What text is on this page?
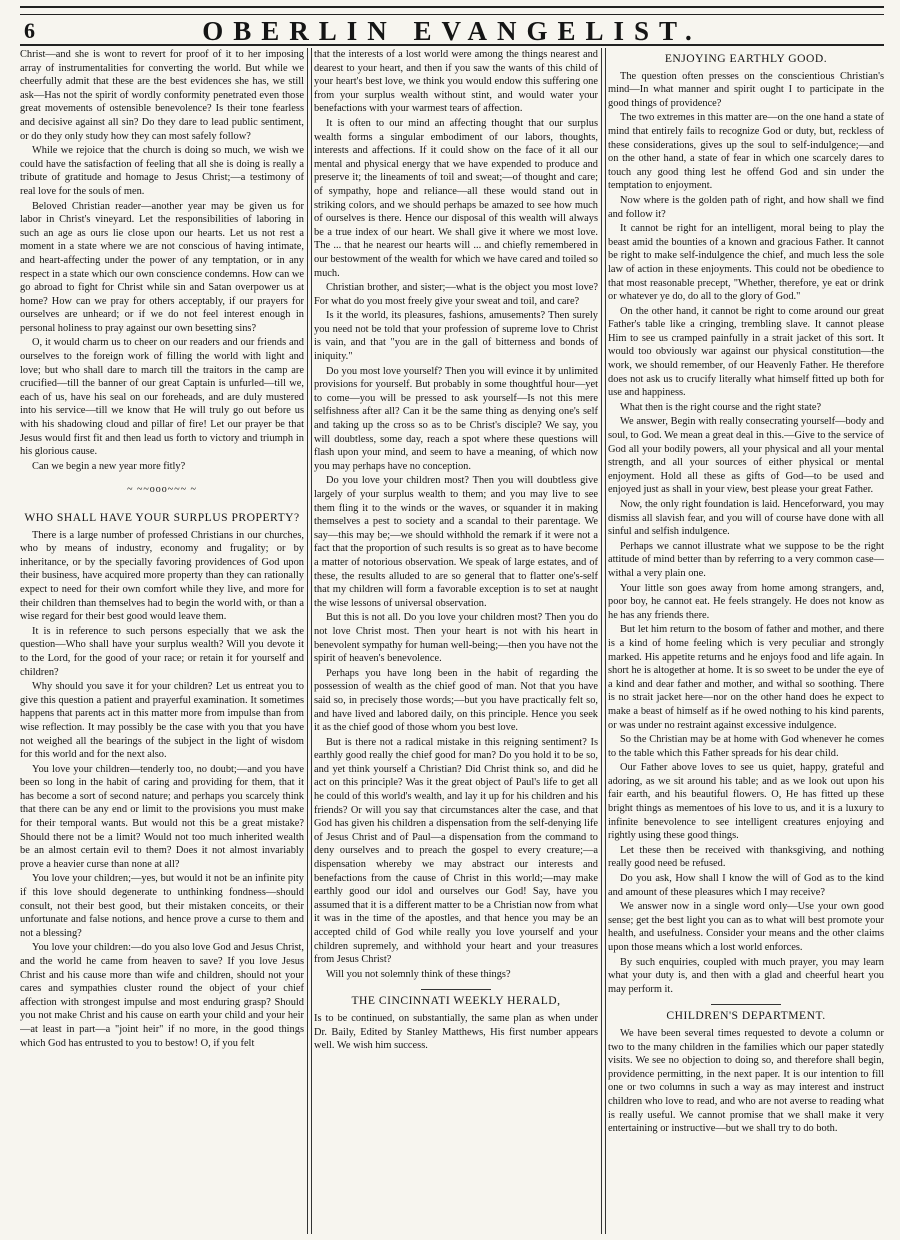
6	OBERLIN EVANGELIST.

Christ—and she is wont to revert for proof of it to her imposing array of instrumentalities for converting the world. But while we cheerfully admit that these are the best evidences she has, we still ask—Has not the spirit of wordly conformity penetrated even those great movements of ostensible benevolence? Is their tone fearless and decisive against all sin? Do they dare to lead public sentiment, or do they only study how they can most safely follow?

While we rejoice that the church is doing so much, we wish we could have the satisfaction of feeling that all she is doing is really a tribute of gratitude and homage to Jesus Christ;—a testimony of real love for the souls of men.

Beloved Christian reader—another year may be given us for labor in Christ's vineyard. Let the responsibilities of laboring in such an age as ours lie close upon our hearts. Let us not rest a moment in a state where we are not conscious of having intimate, and heart-affecting under the power of any temptation, or in any respect in a state which our own conscience condemns. How can we go abroad to fight for Christ while sin and Satan overpower us at home? How can we pray for others acceptably, if our prayers for ourselves are unheard; or if we do not feel interest enough in personal holiness to pray against our own besetting sins?

O, it would charm us to cheer on our readers and our friends and ourselves to the foreign work of filling the world with light and love; but who shall dare to march till the traitors in the camp are crucified—till the banner of our great Captain is unfurled—till we, each of us, have his seal on our foreheads, and are duly mustered into his service—till we know that He will truly go out before us with his shadowing cloud and pillar of fire! Let our prayer be that Jesus would first fit and then lead us forth to victory and triumph in his glorious cause.

Can we begin a new year more fitly?

~ ~~ooo~~~ ~
WHO SHALL HAVE YOUR SURPLUS PROPERTY?

There is a large number of professed Christians in our churches, who by means of industry, economy and frugality; or by inheritance, or by the specially favoring providences of God upon their business, have acquired more property than they can rationally expect to need for their own comfort while they live, and more for their children than themselves had to begin the world with, or than a wise regard for their best good would leave them.

It is in reference to such persons especially that we ask the question—Who shall have your surplus wealth? Will you devote it to the Lord, for the good of your race; or retain it for yourself and children?

Why should you save it for your children? Let us entreat you to give this question a patient and prayerful examination. It sometimes happens that parents act in this matter more from impulse than from wise reflection. It may possibly be the case with you that you have not weighed all the bearings of the subject in the light of wisdom for this world and for the next also.

You love your children—tenderly too, no doubt;—and you have been so long in the habit of caring and providing for them, that it has become a sort of second nature; and perhaps you scarcely think that there can be any end or limit to the provisions you must make for their temporal wants. But would not this be a great mistake? Should there not be a limit? Would not too much inherited wealth be an almost certain evil to them? Does it not almost invariably prove a heavier curse than none at all?

You love your children;—yes, but would it not be an infinite pity if this love should degenerate to unthinking fondness—should consult, not their best good, but their mistaken conceits, or their unfortunate and false notions, and hence prove a curse to them and not a blessing?

You love your children:—do you also love God and Jesus Christ, and the world he came from heaven to save? If you love Jesus Christ and his cause more than wife and children, should not your cares and sympathies cluster round the object of your chief affection with strongest impulse and most enduring grasp? Should you not make Christ and his cause on earth your child and your heir—at least in part—a "joint heir" if no more, in the good things which God has entrusted to you to bestow! O, if you felt

that the interests of a lost world were among the things nearest and dearest to your heart, and then if you saw the wants of this child of your heart's best love, we think you would endow this suffering one from your surplus wealth without stint, and would water your benefactions with your warmest tears of affection.

It is often to our mind an affecting thought that our surplus wealth forms a singular embodiment of our labors, thoughts, interests and affections. If it could show on the face of it all our mental and physical energy that we have expended to produce and preserve it; the lineaments of toil and sweat;—of thought and care; of sympathy, hope and reliance—all these would stand out in striking colors, and we should perhaps be amazed to see how much of ourselves is there. Hence our disposal of this wealth will always be a true index of our heart. We shall give it where we most love. The ... that he nearest our hearts will ... and chiefly remembered in our bestowment of the wealth for which we have cared and toiled so much.

Christian brother, and sister;—what is the object you most love? For what do you most freely give your sweat and toil, and care?

Is it the world, its pleasures, fashions, amusements? Then surely you need not be told that your profession of supreme love to Christ is vain, and that "you are in the gall of bitterness and bonds of iniquity."

Do you most love yourself? Then you will evince it by unlimited provisions for yourself. But probably in some thoughtful hour—yet to come—you will be pressed to ask yourself—Is not this mere selfishness after all? Can it be the same thing as denying one's self and taking up the cross so as to be Christ's disciple? We say, you will doubtless, some day, reach a spot where these questions will flash upon your mind, and seem to have a meaning, of which now you may perhaps have no conception.

Do you love your children most? Then you will doubtless give largely of your surplus wealth to them; and you may live to see them fling it to the winds or the waves, or squander it in making themselves a pest to society and a scandal to their parentage. We say—this may be;—we should withhold the remark if it were not a fact that the proportion of such results is so great as to have become a matter of notorious observation. We speak of large estates, and of these, the results alluded to are so general that to flatter one's-self that my children will form a favorable exception is to set at naught the wise lessons of universal observation.

But this is not all. Do you love your children most? Then you do not love Christ most. Then your heart is not with his heart in benevolent sympathy for human well-being;—then you have not the spirit of heaven's benevolence.

Perhaps you have long been in the habit of regarding the possession of wealth as the chief good of man. Not that you have said so, in precisely those words;—but you have practically felt so, and have lived and labored daily, on this principle. Hence you seek it as the chief good of those whom you best love.

But is there not a radical mistake in this reigning sentiment? Is earthly good really the chief good for man? Do you hold it to be so, and yet think yourself a Christian? Did Christ think so, and did he act on this principle? Was it the great object of Paul's life to get all he could of this world's wealth, and lay it up for his children and his friends? Or will you say that circumstances alter the case, and that God has given his children a dispensation from the self-denying life of Jesus Christ and of Paul—a dispensation from the command to deny ourselves and to preach the gospel to every creature;—a dispensation whereby we may abstract our interests and benefactions from the cause of Christ in this world;—may make earthly good our idol and ourselves our God! Say, have you assumed that it is a different matter to be a Christian now from what it was in the time of the apostles, and that hence you may be an accepted child of God while really you love yourself and your children supremely, and withhold your heart and your treasures from Jesus Christ?

Will you not solemnly think of these things?

THE CINCINNATI WEEKLY HERALD,

Is to be continued, on substantially, the same plan as when under Dr. Baily, Edited by Stanley Matthews, His first number appears well. We wish him success.

ENJOYING EARTHLY GOOD.

The question often presses on the conscientious Christian's mind—In what manner and spirit ought I to participate in the good things of providence?

The two extremes in this matter are—on the one hand a state of mind that entirely fails to recognize God or duty, but, reckless of these considerations, gives up the soul to self-indulgence;—and on the other hand, a state of fear in which one scarcely dares to touch any good thing lest he offend God and sin under the temptation to enjoyment.

Now where is the golden path of right, and how shall we find and follow it?

It cannot be right for an intelligent, moral being to play the beast amid the bounties of a known and gracious Father. It cannot be right to make self-indulgence the chief, and much less the sole law of action in these enjoyments. This could not be obedience to that most reasonable precept, "Whether, therefore, ye eat or drink or whatever ye do, do all to the glory of God."

On the other hand, it cannot be right to come around our great Father's table like a cringing, trembling slave. It cannot please Him to see us cramped painfully in a strait jacket of this sort. It would too obviously war against our physical constitution—the work, we should remember, of our Heavenly Father. He therefore does not ask us to crucify literally what himself fitted up both for use and happiness.

What then is the right course and the right state?

We answer, Begin with really consecrating yourself—body and soul, to God. We mean a great deal in this.—Give to the service of God all your bodily powers, all your physical and all your mental strength, and all your sources of either physical or mental enjoyment. Hold all these as gifts of God—to be used and enjoyed just as shall in your view, best please your great Father.

Now, the only right foundation is laid. Henceforward, you may dismiss all slavish fear, and you will of course have done with all sinful and selfish indulgence.

Perhaps we cannot illustrate what we suppose to be the right attitude of mind better than by referring to a very common case—withal a very plain one.

Your little son goes away from home among strangers, and, poor boy, he cannot eat. He feels strangely. He does not know as he has any friends there.

But let him return to the bosom of father and mother, and there is a kind of home feeling which is very peculiar and strongly marked. His appetite returns and he enjoys food and life again. In short he is altogether at home. It is so sweet to be under the eye of a kind and dear father and mother, and withal so soothing. There is no strait jacket here—nor on the other hand does he expect to make a beast of himself as if he owed nothing to his kind parents, or was under no restraint against excessive indulgence.

So the Christian may be at home with God whenever he comes to the table which this Father spreads for his dear child.

Our Father above loves to see us quiet, happy, grateful and adoring, as we sit around his table; and as we look out upon his fair earth, and his beautiful flowers. O, He has fitted up these bright things as mementoes of his love to us, and it is a luxury to infinite benevolence to see intelligent creatures enjoying and rightly using these good things.

Let these then be received with thanksgiving, and nothing really good need be refused.

Do you ask, How shall I know the will of God as to the kind and amount of these pleasures which I may receive?

We answer now in a single word only—Use your own good sense; get the best light you can as to what will best promote your health, and usefulness. Consider your means and the other claims upon those means which a lost world enforces.

By such enquiries, coupled with much prayer, you may learn what your duty is, and then with a glad and cheerful heart you may perform it.

CHILDREN'S DEPARTMENT.

We have been several times requested to devote a column or two to the many children in the families which our paper statedly visits. We see no objection to doing so, and therefore shall begin, providence permitting, in the next paper. It is our intention to fill one or two columns in such a way as may interest and instruct children who love to read, and who are not averse to reading what is really useful. We cannot promise that we shall make it very entertaining or instructive—but we shall try to do both.
